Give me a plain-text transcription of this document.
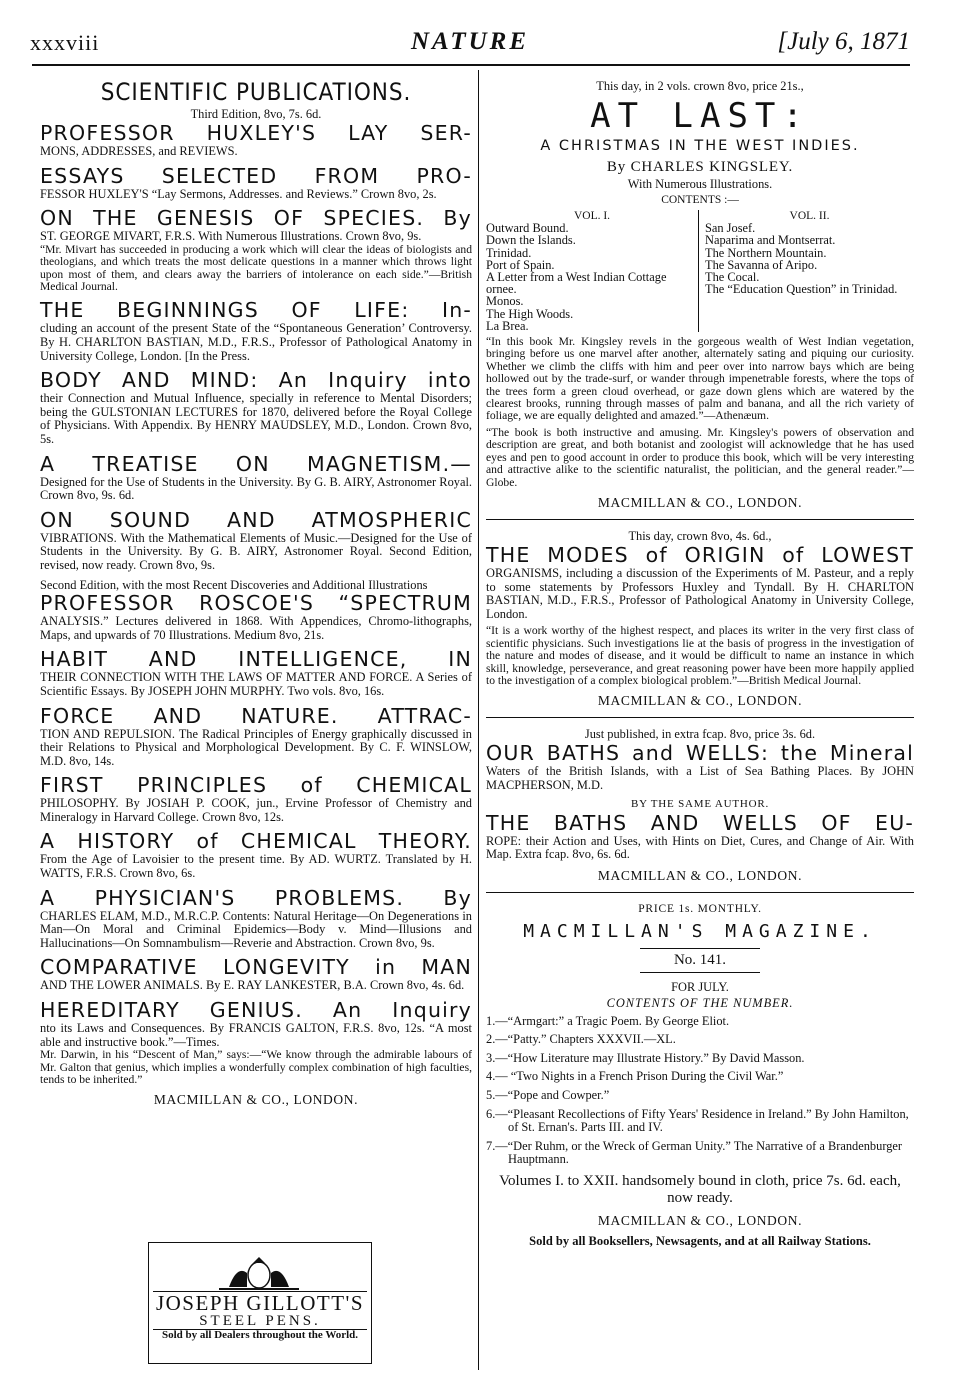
xxxviii	NATURE	[July 6, 1871
SCIENTIFIC PUBLICATIONS.

Third Edition, 8vo, 7s. 6d.

PROFESSOR HUXLEY'S LAY SER-

MONS, ADDRESSES, and REVIEWS.

ESSAYS SELECTED FROM PRO-

FESSOR HUXLEY'S “Lay Sermons, Addresses. and Reviews.” Crown 8vo, 2s.

ON THE GENESIS OF SPECIES. By

ST. GEORGE MIVART, F.R.S. With Numerous Illustrations. Crown 8vo, 9s.

“Mr. Mivart has succeeded in producing a work which will clear the ideas of biologists and theologians, and which treats the most delicate questions in a manner which throws light upon most of them, and clears away the barriers of intolerance on each side.”—British Medical Journal.

THE BEGINNINGS OF LIFE: In-

cluding an account of the present State of the “Spontaneous Generation’ Controversy. By H. CHARLTON BASTIAN, M.D., F.R.S., Professor of Pathological Anatomy in University College, London. [In the Press.

BODY AND MIND: An Inquiry into

their Connection and Mutual Influence, specially in reference to Mental Disorders; being the GULSTONIAN LECTURES for 1870, delivered before the Royal College of Physicians. With Appendix. By HENRY MAUDSLEY, M.D., London. Crown 8vo, 5s.

A TREATISE ON MAGNETISM.—

Designed for the Use of Students in the University. By G. B. AIRY, Astronomer Royal. Crown 8vo, 9s. 6d.

ON SOUND AND ATMOSPHERIC

VIBRATIONS. With the Mathematical Elements of Music.—Designed for the Use of Students in the University. By G. B. AIRY, Astronomer Royal. Second Edition, revised, now ready. Crown 8vo, 9s.

Second Edition, with the most Recent Discoveries and Additional Illustrations

PROFESSOR ROSCOE'S “SPECTRUM

ANALYSIS.” Lectures delivered in 1868. With Appendices, Chromo-lithographs, Maps, and upwards of 70 Illustrations. Medium 8vo, 21s.

HABIT AND INTELLIGENCE, IN

THEIR CONNECTION WITH THE LAWS OF MATTER AND FORCE. A Series of Scientific Essays. By JOSEPH JOHN MURPHY. Two vols. 8vo, 16s.

FORCE AND NATURE. ATTRAC-

TION AND REPULSION. The Radical Principles of Energy graphically discussed in their Relations to Physical and Morphological Development. By C. F. WINSLOW, M.D. 8vo, 14s.

FIRST PRINCIPLES of CHEMICAL

PHILOSOPHY. By JOSIAH P. COOK, jun., Ervine Professor of Chemistry and Mineralogy in Harvard College. Crown 8vo, 12s.

A HISTORY of CHEMICAL THEORY.

From the Age of Lavoisier to the present time. By AD. WURTZ. Translated by H. WATTS, F.R.S. Crown 8vo, 6s.

A PHYSICIAN'S PROBLEMS. By

CHARLES ELAM, M.D., M.R.C.P. Contents: Natural Heritage—On Degenerations in Man—On Moral and Criminal Epidemics—Body v. Mind—Illusions and Hallucinations—On Somnambulism—Reverie and Abstraction. Crown 8vo, 9s.

COMPARATIVE LONGEVITY in MAN

AND THE LOWER ANIMALS. By E. RAY LANKESTER, B.A. Crown 8vo, 4s. 6d.

HEREDITARY GENIUS. An Inquiry

nto its Laws and Consequences. By FRANCIS GALTON, F.R.S. 8vo, 12s. “A most able and instructive book.”—Times.

Mr. Darwin, in his “Descent of Man,” says:—“We know through the admirable labours of Mr. Galton that genius, which implies a wonderfully complex combination of high faculties, tends to be inherited.”

MACMILLAN & CO., LONDON.

JOSEPH GILLOTT'S
STEEL PENS.
Sold by all Dealers throughout the World.

This day, in 2 vols. crown 8vo, price 21s.,

AT LAST:

A CHRISTMAS IN THE WEST INDIES.

By CHARLES KINGSLEY.

With Numerous Illustrations.

CONTENTS :—

VOL. I.
Outward Bound.
Down the Islands.
Trinidad.
Port of Spain.
A Letter from a West Indian Cottage ornee.
Monos.
The High Woods.
La Brea.
VOL. II.
San Josef.
Naparima and Montserrat.
The Northern Mountain.
The Savanna of Aripo.
The Cocal.
The “Education Question” in Trinidad.

“In this book Mr. Kingsley revels in the gorgeous wealth of West Indian vegetation, bringing before us one marvel after another, alternately sating and piquing our curiosity. Whether we climb the cliffs with him and peer over into narrow bays which are being hollowed out by the trade-surf, or wander through impenetrable forests, where the tops of the trees form a green cloud overhead, or gaze down glens which are watered by the clearest brooks, running through masses of palm and banana, and all the rich variety of foliage, we are equally delighted and amazed.”—Athenæum.

“The book is both instructive and amusing. Mr. Kingsley's powers of observation and description are great, and both botanist and zoologist will acknowledge that he has used eyes and pen to good account in order to produce this book, which will be very interesting and attractive alike to the scientific naturalist, the politician, and the general reader.”—Globe.

MACMILLAN & CO., LONDON.

This day, crown 8vo, 4s. 6d.,

THE MODES of ORIGIN of LOWEST

ORGANISMS, including a discussion of the Experiments of M. Pasteur, and a reply to some statements by Professors Huxley and Tyndall. By H. CHARLTON BASTIAN, M.D., F.R.S., Professor of Pathological Anatomy in University College, London.

“It is a work worthy of the highest respect, and places its writer in the very first class of scientific physicians. Such investigations lie at the basis of progress in the investigation of the nature and modes of disease, and it would be difficult to name an instance in which skill, knowledge, perseverance, and great reasoning power have been more happily applied to the investigation of a complex biological problem.”—British Medical Journal.

MACMILLAN & CO., LONDON.

Just published, in extra fcap. 8vo, price 3s. 6d.

OUR BATHS and WELLS: the Mineral

Waters of the British Islands, with a List of Sea Bathing Places. By JOHN MACPHERSON, M.D.

BY THE SAME AUTHOR.

THE BATHS AND WELLS OF EU-

ROPE: their Action and Uses, with Hints on Diet, Cures, and Change of Air. With Map. Extra fcap. 8vo, 6s. 6d.

MACMILLAN & CO., LONDON.

PRICE 1s. MONTHLY.

MACMILLAN'S MAGAZINE.

No. 141.

FOR JULY.

CONTENTS OF THE NUMBER.

1.—“Armgart:” a Tragic Poem. By George Eliot.

2.—“Patty.” Chapters XXXVII.—XL.

3.—“How Literature may Illustrate History.” By David Masson.

4.— “Two Nights in a French Prison During the Civil War.”

5.—“Pope and Cowper.”

6.—“Pleasant Recollections of Fifty Years' Residence in Ireland.” By John Hamilton, of St. Ernan's. Parts III. and IV.

7.—“Der Ruhm, or the Wreck of German Unity.” The Narrative of a Brandenburger Hauptmann.

Volumes I. to XXII. handsomely bound in cloth, price 7s. 6d. each, now ready.

MACMILLAN & CO., LONDON.

Sold by all Booksellers, Newsagents, and at all Railway Stations.
